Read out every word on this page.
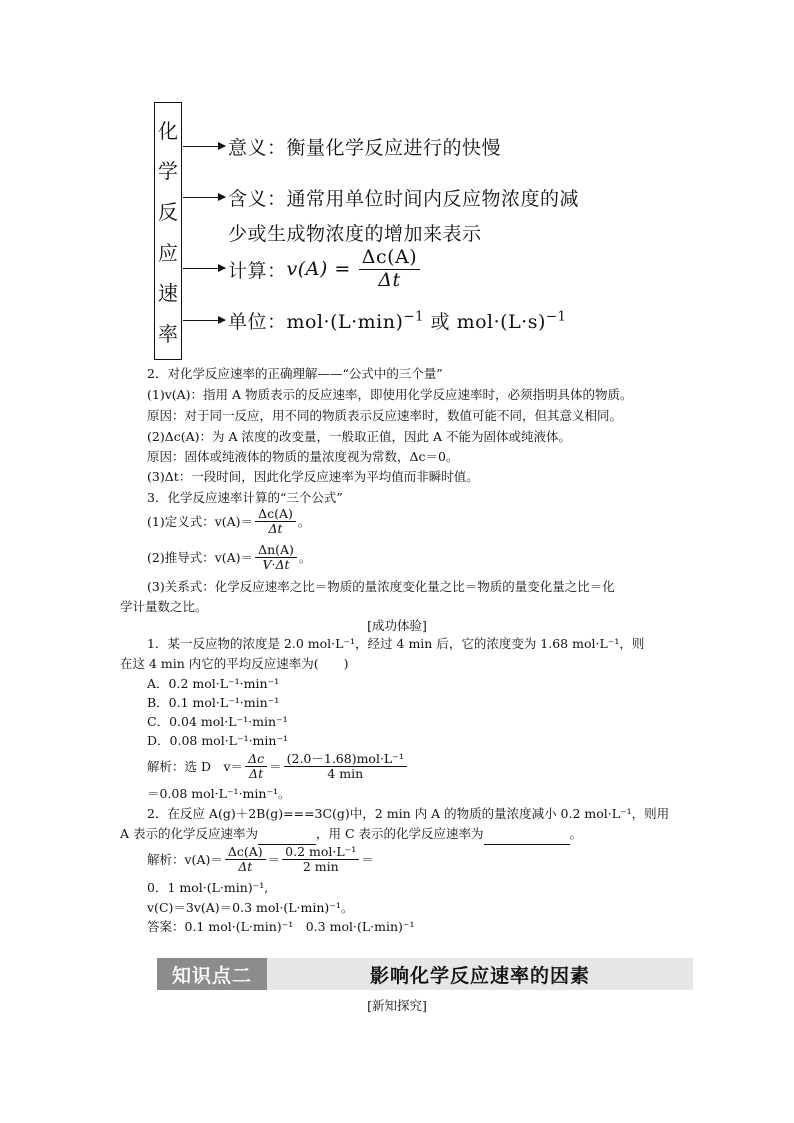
化
学
反
应
速
率
意义：衡量化学反应进行的快慢
含义：通常用单位时间内反应物浓度的减
少或生成物浓度的增加来表示
计算： $v(A) = \frac{\Delta c(A)}{\Delta t}$
单位：$mol\cdot(L\cdot\min)^{-1}$ 或 $mol\cdot(L\cdot s)^{-1}$
2．对化学反应速率的正确理解——“公式中的三个量”
(1)v(A)：指用 A 物质表示的反应速率，即使用化学反应速率时，必须指明具体的物质。
原因：对于同一反应，用不同的物质表示反应速率时，数值可能不同，但其意义相同。
(2)Δc(A)：为 A 浓度的改变量，一般取正值，因此 A 不能为固体或纯液体。
原因：固体或纯液体的物质的量浓度视为常数，Δc＝0。
(3)Δt：一段时间，因此化学反应速率为平均值而非瞬时值。
3．化学反应速率计算的“三个公式”
(1)定义式：$v(A)= \frac{\Delta c(A)}{\Delta t}$ 。
(2)推导式：$v(A)= \frac{\Delta n(A)}{V\cdot\Delta t}$ 。
(3)关系式：化学反应速率之比＝物质的量浓度变化量之比＝物质的量变化量之比＝化
学计量数之比。
[成功体验]
1．某一反应物的浓度是 2.0 mol·L⁻¹，经过 4 min 后，它的浓度变为 1.68 mol·L⁻¹，则
在这 4 min 内它的平均反应速率为(　　)
A．0.2 mol·L⁻¹·min⁻¹
B．0.1 mol·L⁻¹·min⁻¹
C．0.04 mol·L⁻¹·min⁻¹
D．0.08 mol·L⁻¹·min⁻¹
解析：选 D　$v= \frac{\Delta c}{\Delta t} = \frac{\text{(2.0－1.68)mol·L⁻¹}}{4 \min}$
＝0.08 mol·L⁻¹·min⁻¹。
2．在反应 A(g)＋2B(g)===3C(g)中，2 min 内 A 的物质的量浓度减小 0.2 mol·L⁻¹，则用
A 表示的化学反应速率为	，用 C 表示的化学反应速率为	。
解析：$v(A)= \frac{\Delta c(A)}{\Delta t} = \frac{\text{0.2 mol·L⁻¹}}{2 \min}$ ＝
0．1 mol·(L·min)⁻¹,
v(C)＝3v(A)＝0.3 mol·(L·min)⁻¹。
答案：0.1 mol·(L·min)⁻¹　0.3 mol·(L·min)⁻¹
知识点二	影响化学反应速率的因素
[新知探究]
